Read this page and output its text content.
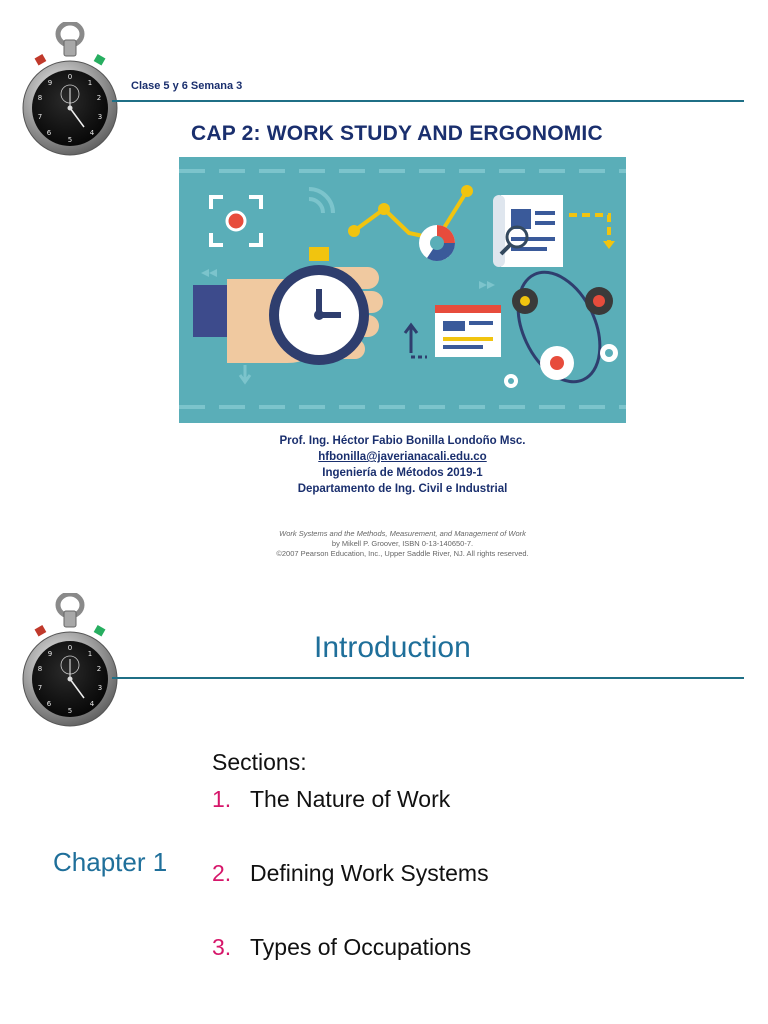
0
1
2
3
4
5
6
7
8
9	Clase 5 y 6 Semana 3
CAP 2: WORK STUDY AND ERGONOMIC
Prof. Ing. Héctor Fabio Bonilla Londoño Msc.
hfbonilla@javerianacali.edu.co
Ingeniería de Métodos 2019-1
Departamento de Ing. Civil e Industrial
Work Systems and the Methods, Measurement, and Management of Work
by Mikell P. Groover, ISBN 0-13-140650-7.
©2007 Pearson Education, Inc., Upper Saddle River, NJ. All rights reserved.
0
1
2
3
4
5
6
7
8
9	Introduction
Sections:
1. The Nature of Work
Chapter 1 2. Defining Work Systems
3. Types of Occupations
